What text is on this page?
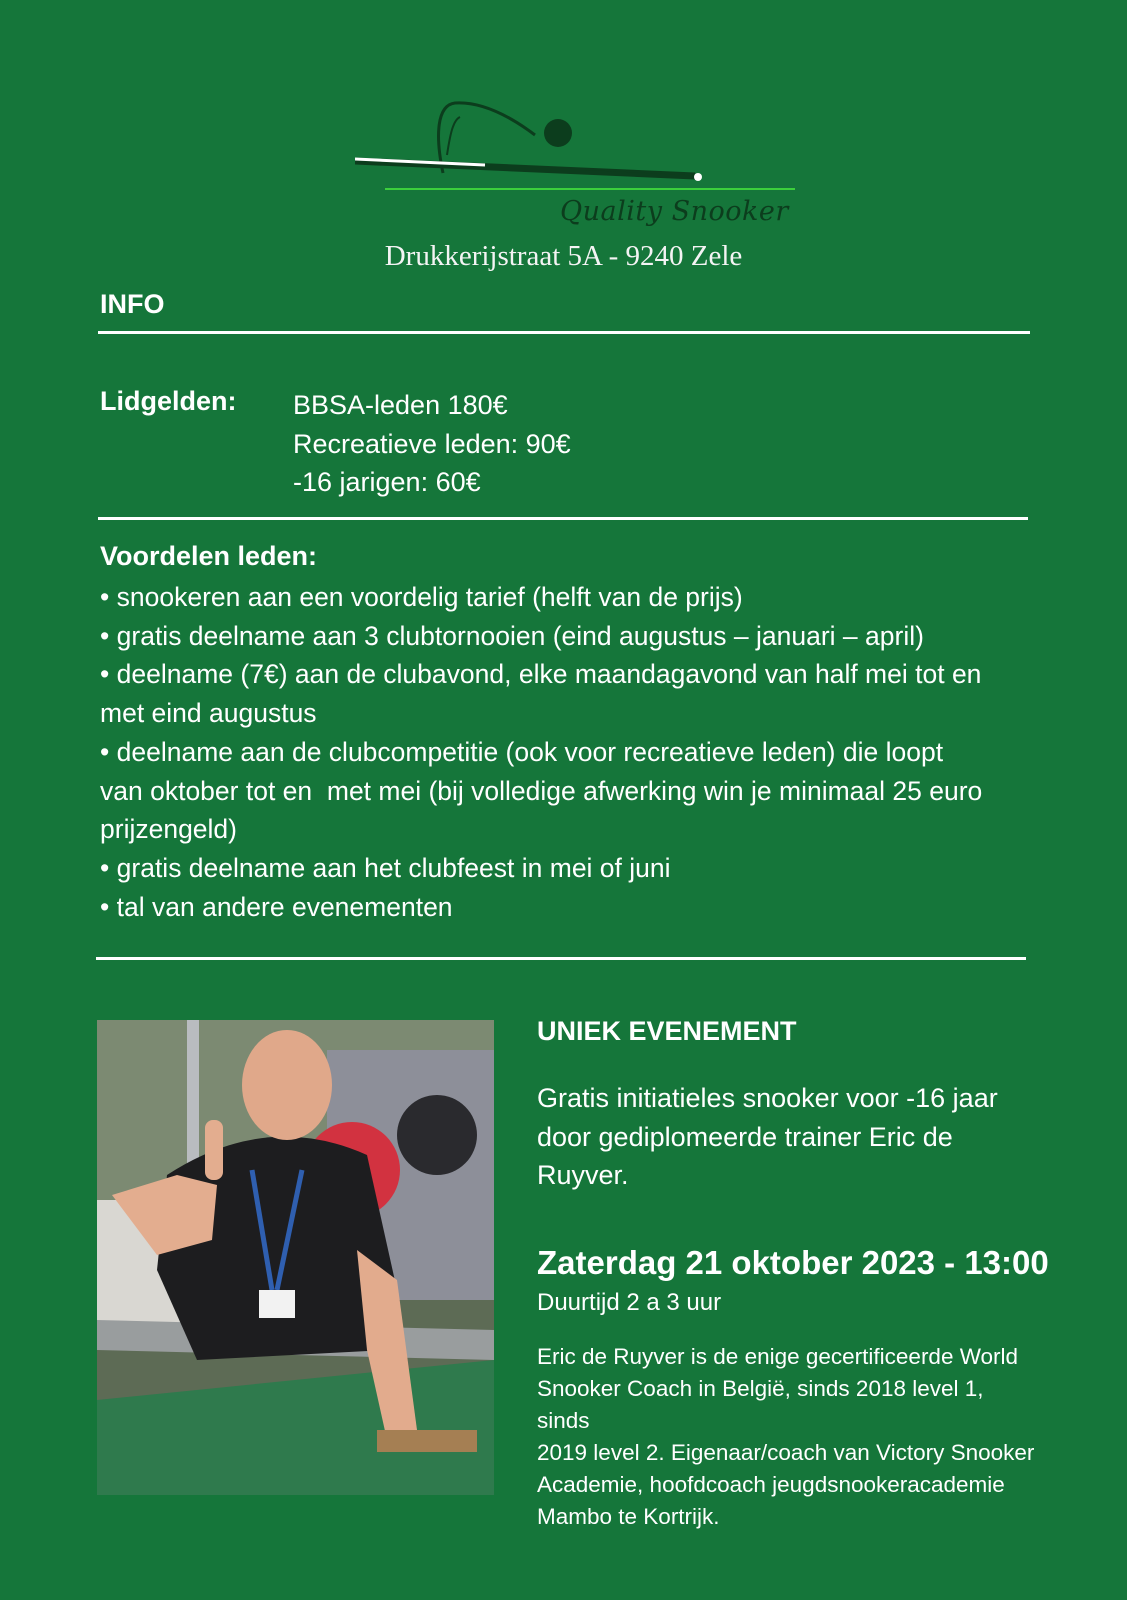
Quality Snooker
Drukkerijstraat 5A - 9240 Zele
INFO
Lidgelden: BBSA-leden 180€
Recreatieve leden: 90€
-16 jarigen: 60€
Voordelen leden:
• snookeren aan een voordelig tarief (helft van de prijs)
• gratis deelname aan 3 clubtornooien (eind augustus – januari – april)
• deelname (7€) aan de clubavond, elke maandagavond van half mei tot en
met eind augustus
• deelname aan de clubcompetitie (ook voor recreatieve leden) die loopt
van oktober tot en  met mei (bij volledige afwerking win je minimaal 25 euro
prijzengeld)
• gratis deelname aan het clubfeest in mei of juni
• tal van andere evenementen
UNIEK EVENEMENT
Gratis initiatieles snooker voor -16 jaar
door gediplomeerde trainer Eric de
Ruyver.
Zaterdag 21 oktober 2023 - 13:00
Duurtijd 2 a 3 uur
Eric de Ruyver is de enige gecertificeerde World
Snooker Coach in België, sinds 2018 level 1, sinds
2019 level 2. Eigenaar/coach van Victory Snooker
Academie, hoofdcoach jeugdsnookeracademie
Mambo te Kortrijk.
